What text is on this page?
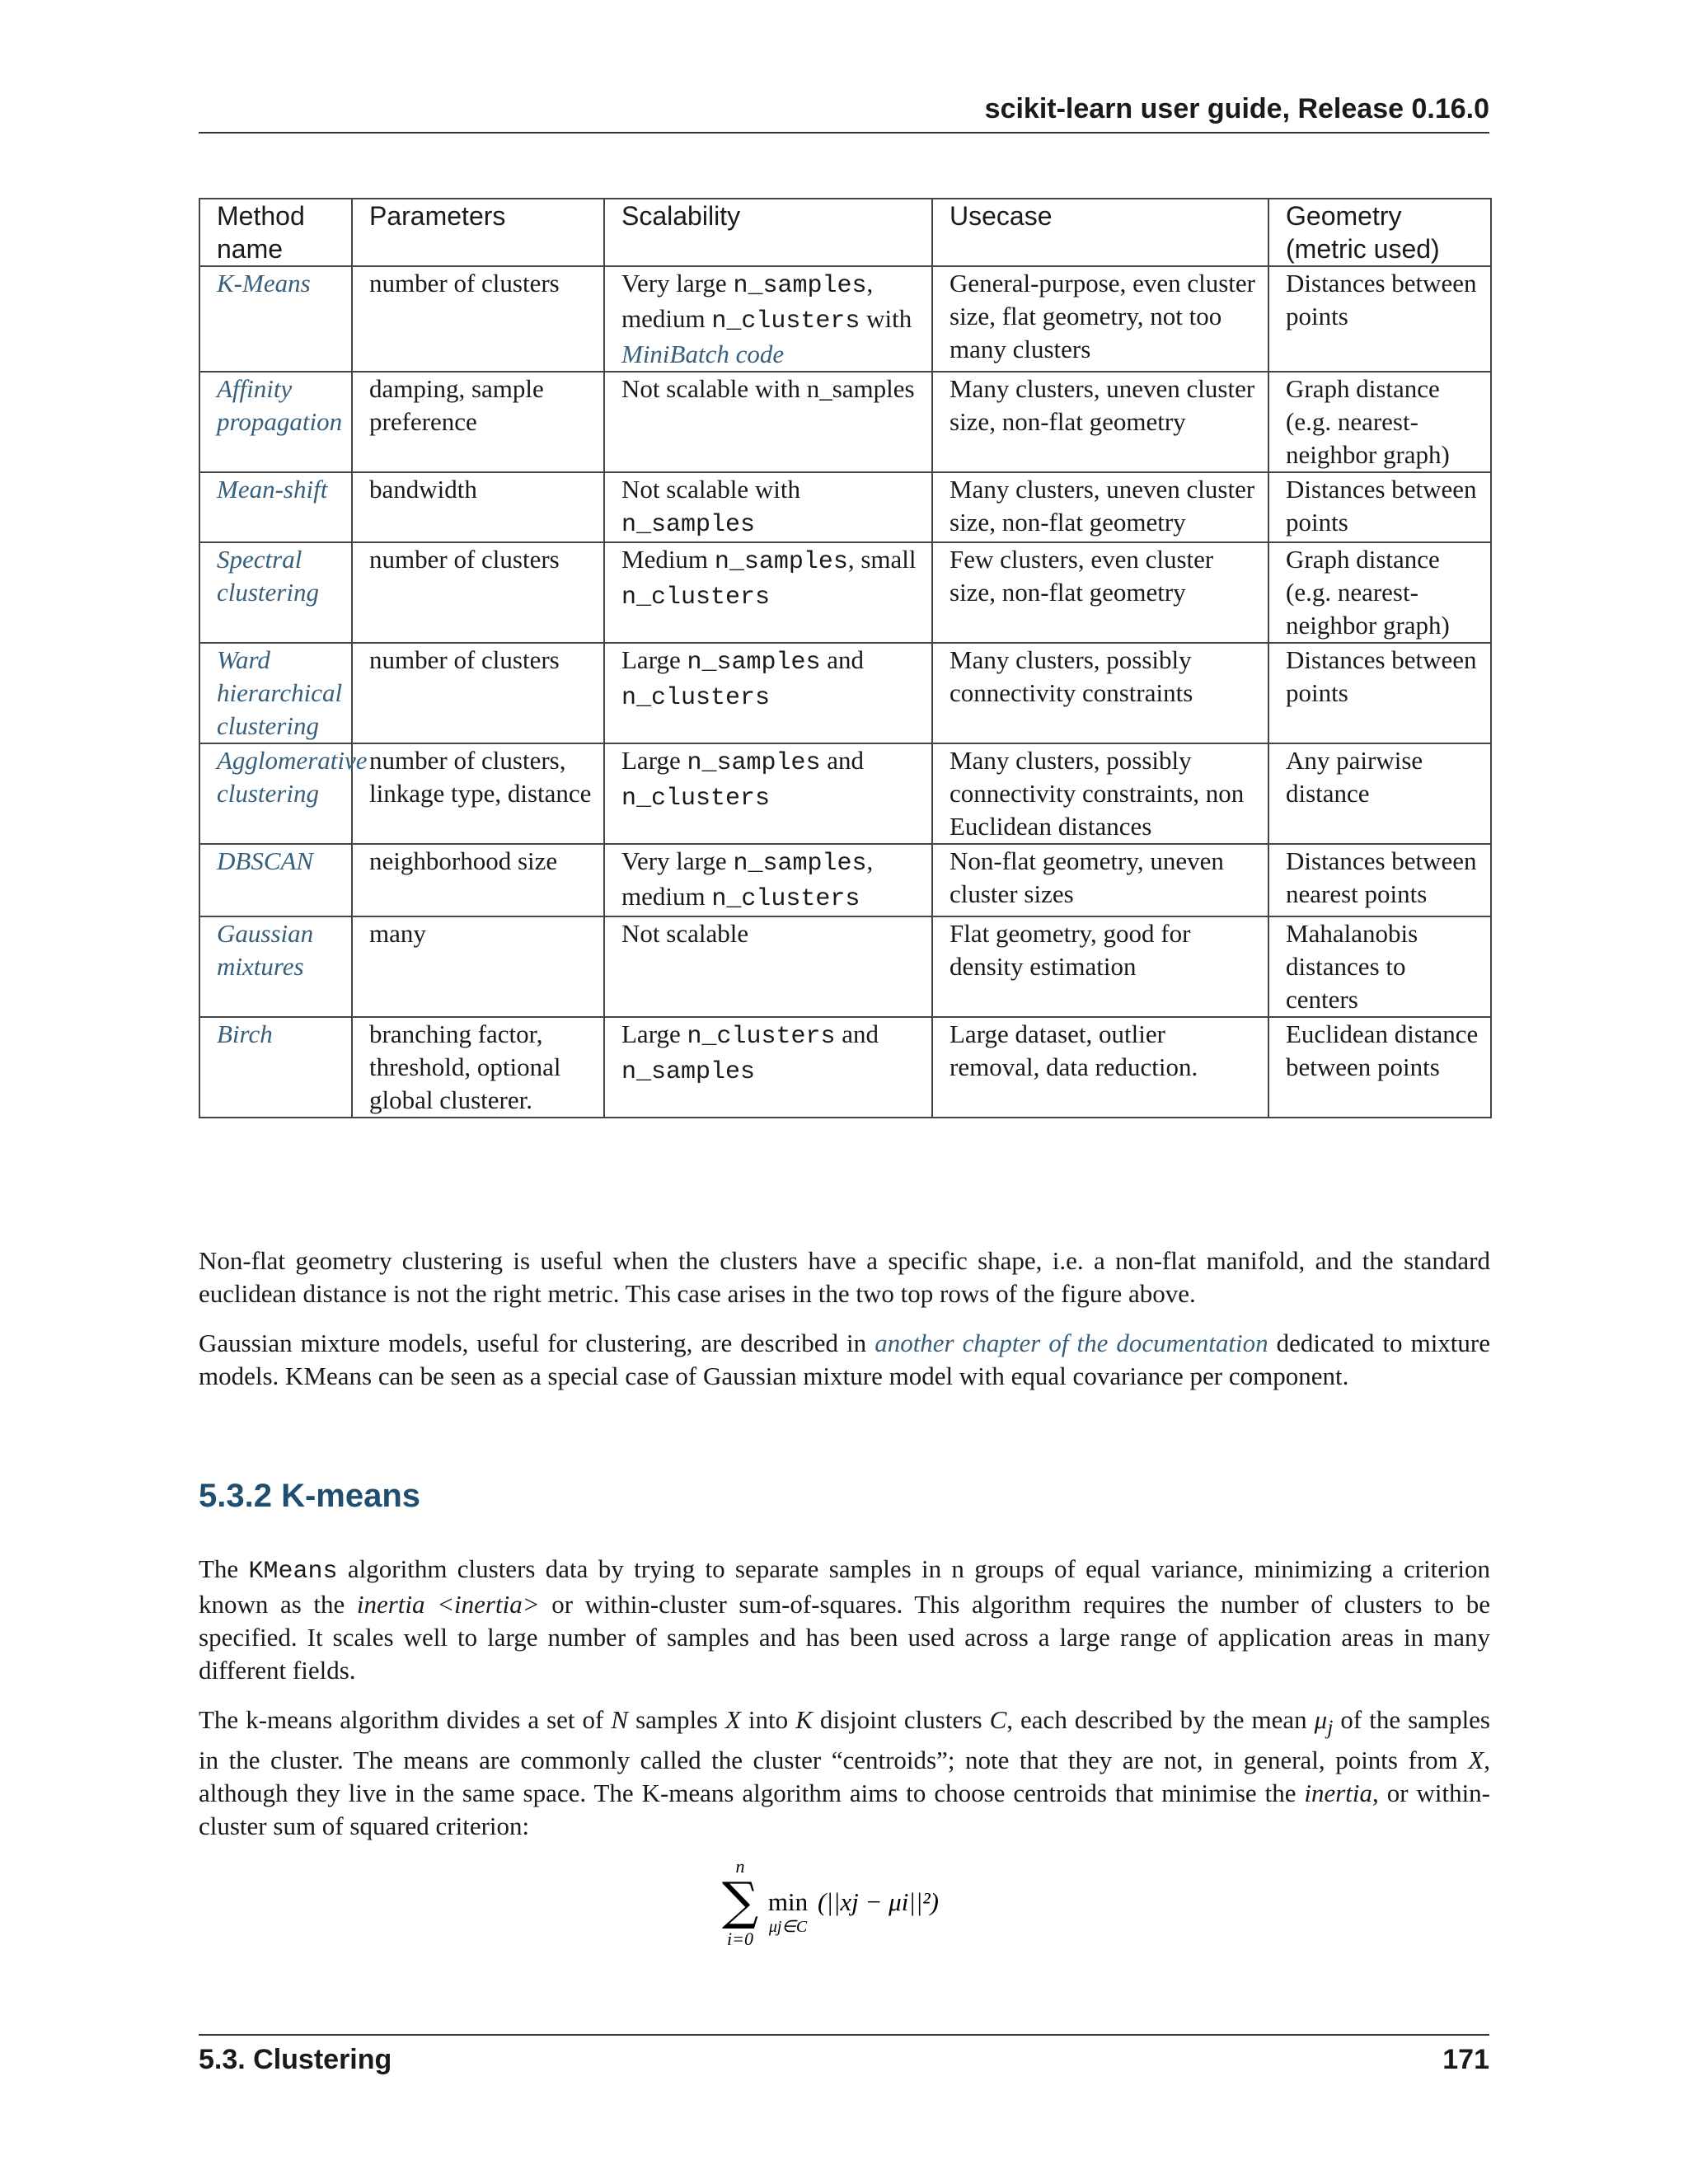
scikit-learn user guide, Release 0.16.0
Method name	Parameters	Scalability	Usecase	Geometry (metric used)
K-Means	number of clusters	Very large n_samples, medium n_clusters with MiniBatch code	General-purpose, even cluster size, flat geometry, not too many clusters	Distances between points
Affinity propagation	damping, sample preference	Not scalable with n_samples	Many clusters, uneven cluster size, non-flat geometry	Graph distance (e.g. nearest-neighbor graph)
Mean-shift	bandwidth	Not scalable with n_samples	Many clusters, uneven cluster size, non-flat geometry	Distances between points
Spectral clustering	number of clusters	Medium n_samples, small n_clusters	Few clusters, even cluster size, non-flat geometry	Graph distance (e.g. nearest-neighbor graph)
Ward hierarchical clustering	number of clusters	Large n_samples and n_clusters	Many clusters, possibly connectivity constraints	Distances between points
Agglomerative clustering	number of clusters, linkage type, distance	Large n_samples and n_clusters	Many clusters, possibly connectivity constraints, non Euclidean distances	Any pairwise distance
DBSCAN	neighborhood size	Very large n_samples, medium n_clusters	Non-flat geometry, uneven cluster sizes	Distances between nearest points
Gaussian mixtures	many	Not scalable	Flat geometry, good for density estimation	Mahalanobis distances to centers
Birch	branching factor, threshold, optional global clusterer.	Large n_clusters and n_samples	Large dataset, outlier removal, data reduction.	Euclidean distance between points

Non-flat geometry clustering is useful when the clusters have a specific shape, i.e. a non-flat manifold, and the standard euclidean distance is not the right metric. This case arises in the two top rows of the figure above.

Gaussian mixture models, useful for clustering, are described in another chapter of the documentation dedicated to mixture models. KMeans can be seen as a special case of Gaussian mixture model with equal covariance per component.

5.3.2 K-means

The KMeans algorithm clusters data by trying to separate samples in n groups of equal variance, minimizing a criterion known as the inertia <inertia> or within-cluster sum-of-squares. This algorithm requires the number of clusters to be specified. It scales well to large number of samples and has been used across a large range of application areas in many different fields.

The k-means algorithm divides a set of N samples X into K disjoint clusters C, each described by the mean $\mu_j$ of the samples in the cluster. The means are commonly called the cluster “centroids”; note that they are not, in general, points from X, although they live in the same space. The K-means algorithm aims to choose centroids that minimise the inertia, or within-cluster sum of squared criterion:

n
∑
i=0
min
μj∈C
(||xj − μi||²)
5.3. Clustering	171
